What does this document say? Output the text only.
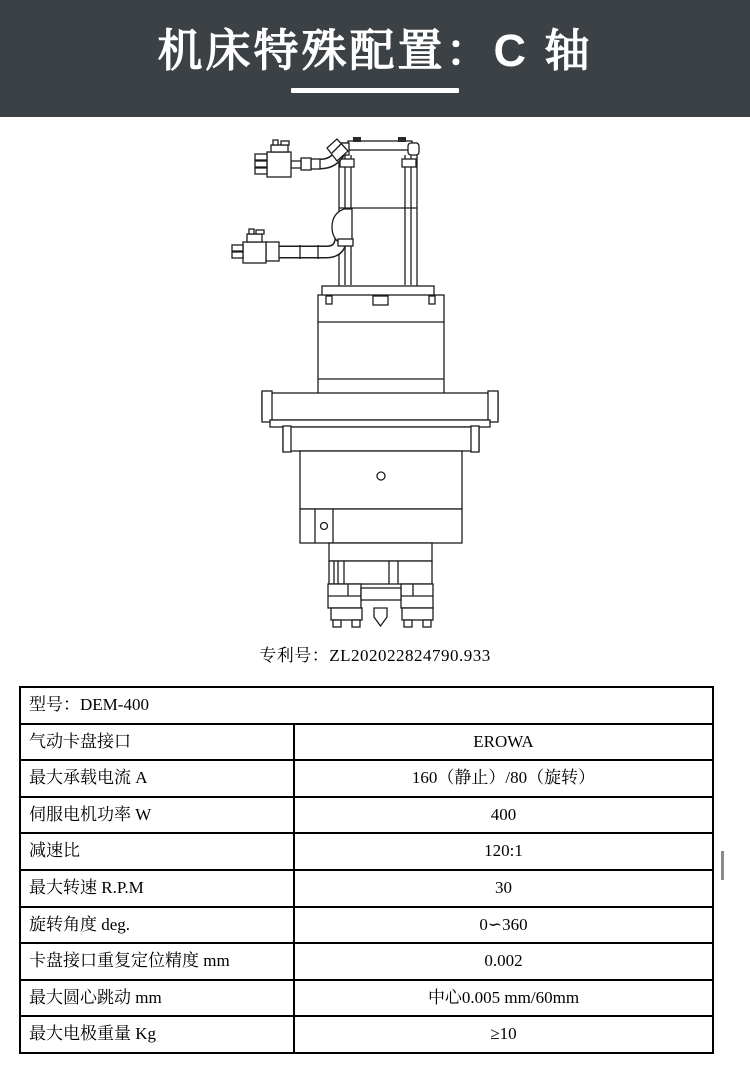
机床特殊配置：C 轴
专利号：ZL202022824790.933
型号：DEM-400	
气动卡盘接口	EROWA
最大承载电流 A	160（静止）/80（旋转）
伺服电机功率 W	400
减速比	120:1
最大转速 R.P.M	30
旋转角度 deg.	0∽360
卡盘接口重复定位精度 mm	0.002
最大圆心跳动 mm	中心0.005 mm/60mm
最大电极重量 Kg	≥10
